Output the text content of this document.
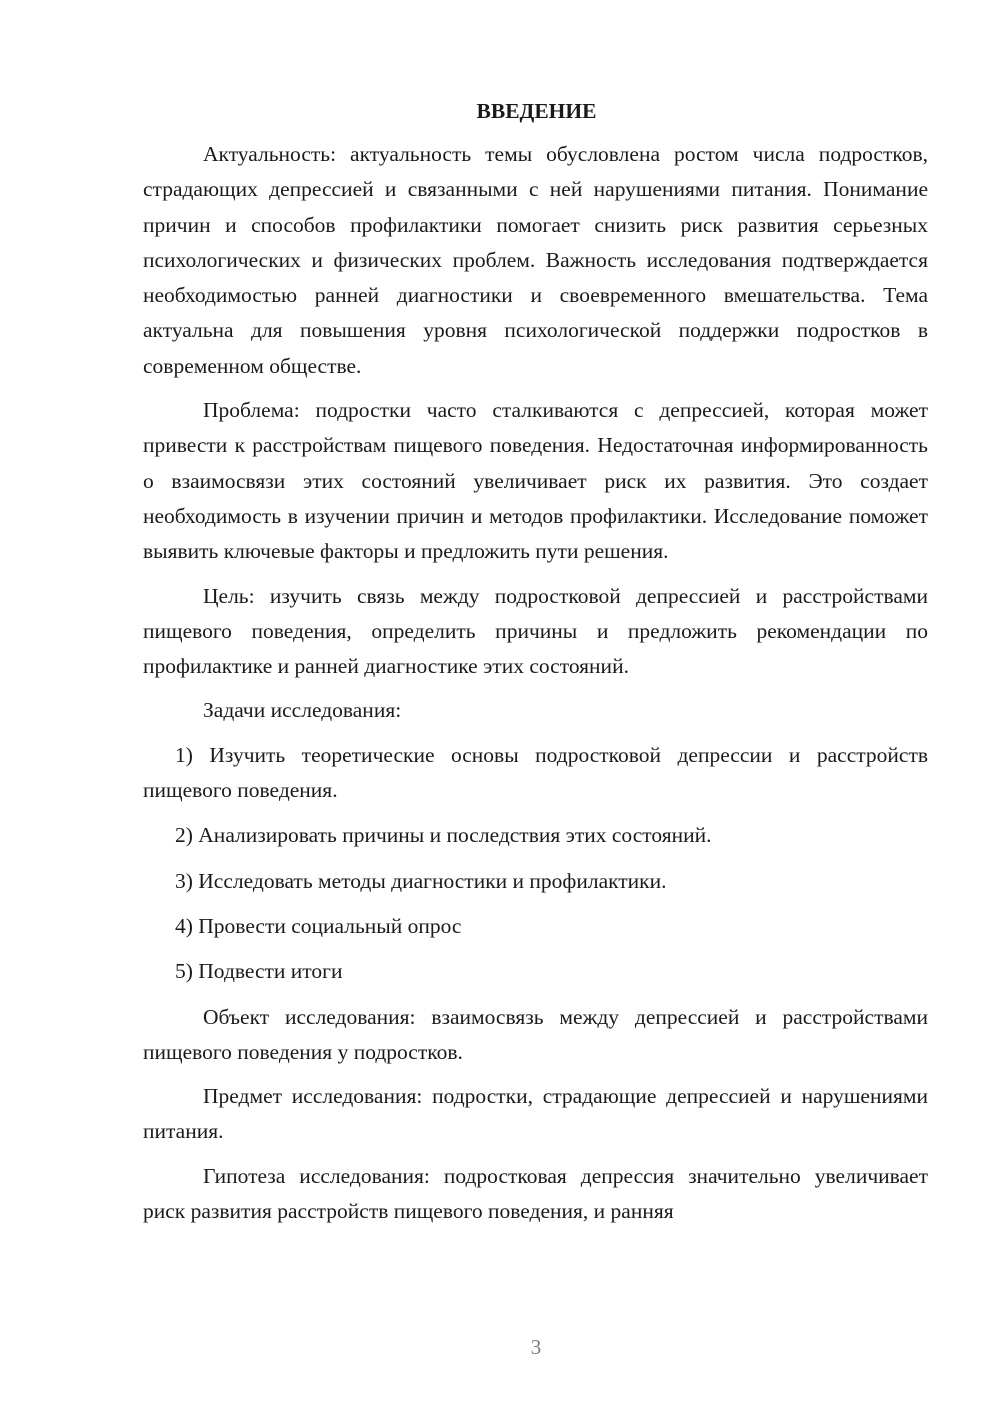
ВВЕДЕНИЕ

Актуальность: актуальность темы обусловлена ростом числа подростков, страдающих депрессией и связанными с ней нарушениями питания. Понимание причин и способов профилактики помогает снизить риск развития серьезных психологических и физических проблем. Важность исследования подтверждается необходимостью ранней диагностики и своевременного вмешательства. Тема актуальна для повышения уровня психологической поддержки подростков в современном обществе.

Проблема: подростки часто сталкиваются с депрессией, которая может привести к расстройствам пищевого поведения. Недостаточная информированность о взаимосвязи этих состояний увеличивает риск их развития. Это создает необходимость в изучении причин и методов профилактики. Исследование поможет выявить ключевые факторы и предложить пути решения.

Цель: изучить связь между подростковой депрессией и расстройствами пищевого поведения, определить причины и предложить рекомендации по профилактике и ранней диагностике этих состояний.

Задачи исследования:

1) Изучить теоретические основы подростковой депрессии и расстройств пищевого поведения.

2) Анализировать причины и последствия этих состояний.

3) Исследовать методы диагностики и профилактики.

4) Провести социальный опрос

5) Подвести итоги

Объект исследования: взаимосвязь между депрессией и расстройствами пищевого поведения у подростков.

Предмет исследования: подростки, страдающие депрессией и нарушениями питания.

Гипотеза исследования: подростковая депрессия значительно увеличивает риск развития расстройств пищевого поведения, и ранняя

3
